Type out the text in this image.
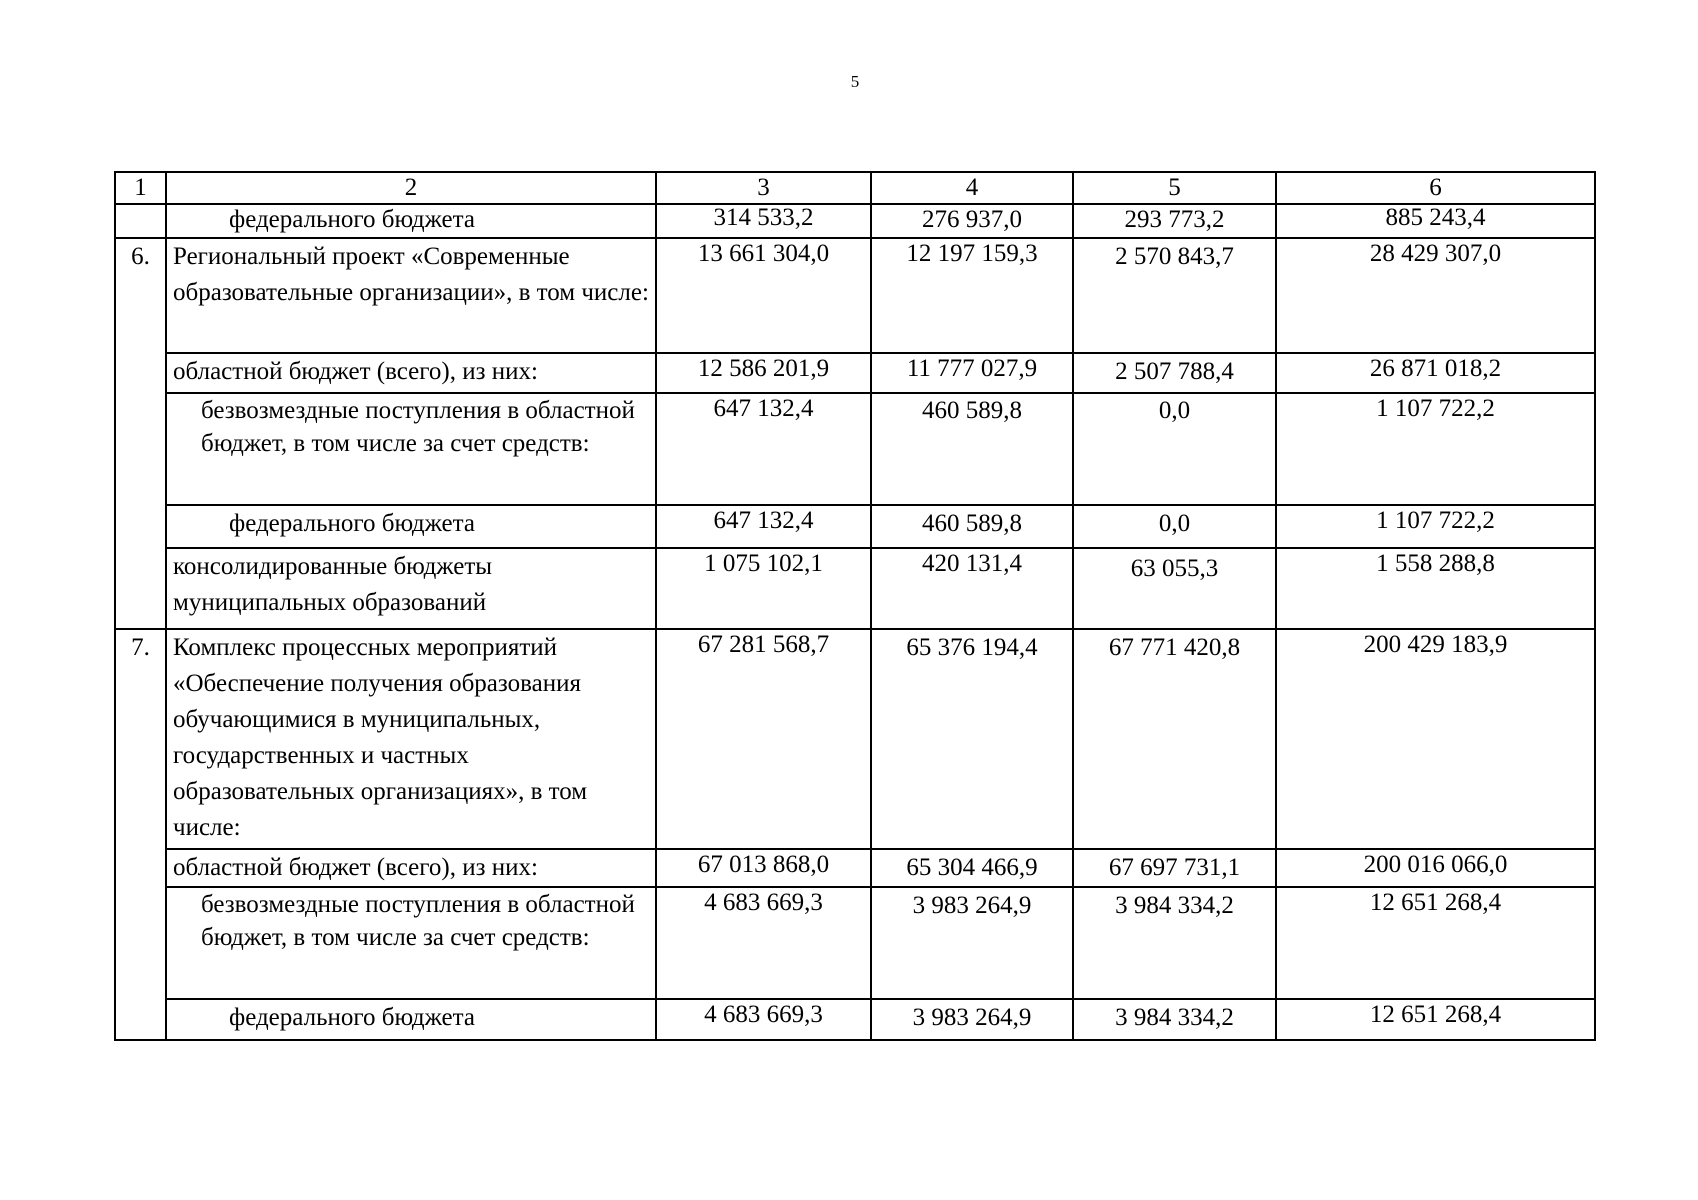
5
1	2	3	4	5	6
	федерального бюджета	314 533,2	276 937,0	293 773,2	885 243,4
6.	Региональный проект «Современные образовательные организации», в том числе:	13 661 304,0	12 197 159,3	2 570 843,7	28 429 307,0
	областной бюджет (всего), из них:	12 586 201,9	11 777 027,9	2 507 788,4	26 871 018,2
	безвозмездные поступления в областной бюджет, в том числе за счет средств:	647 132,4	460 589,8	0,0	1 107 722,2
	федерального бюджета	647 132,4	460 589,8	0,0	1 107 722,2
	консолидированные бюджеты муниципальных образований	1 075 102,1	420 131,4	63 055,3	1 558 288,8
7.	Комплекс процессных мероприятий «Обеспечение получения образования обучающимися в муниципальных, государственных и частных образовательных организациях», в том числе:	67 281 568,7	65 376 194,4	67 771 420,8	200 429 183,9
	областной бюджет (всего), из них:	67 013 868,0	65 304 466,9	67 697 731,1	200 016 066,0
	безвозмездные поступления в областной бюджет, в том числе за счет средств:	4 683 669,3	3 983 264,9	3 984 334,2	12 651 268,4
	федерального бюджета	4 683 669,3	3 983 264,9	3 984 334,2	12 651 268,4
